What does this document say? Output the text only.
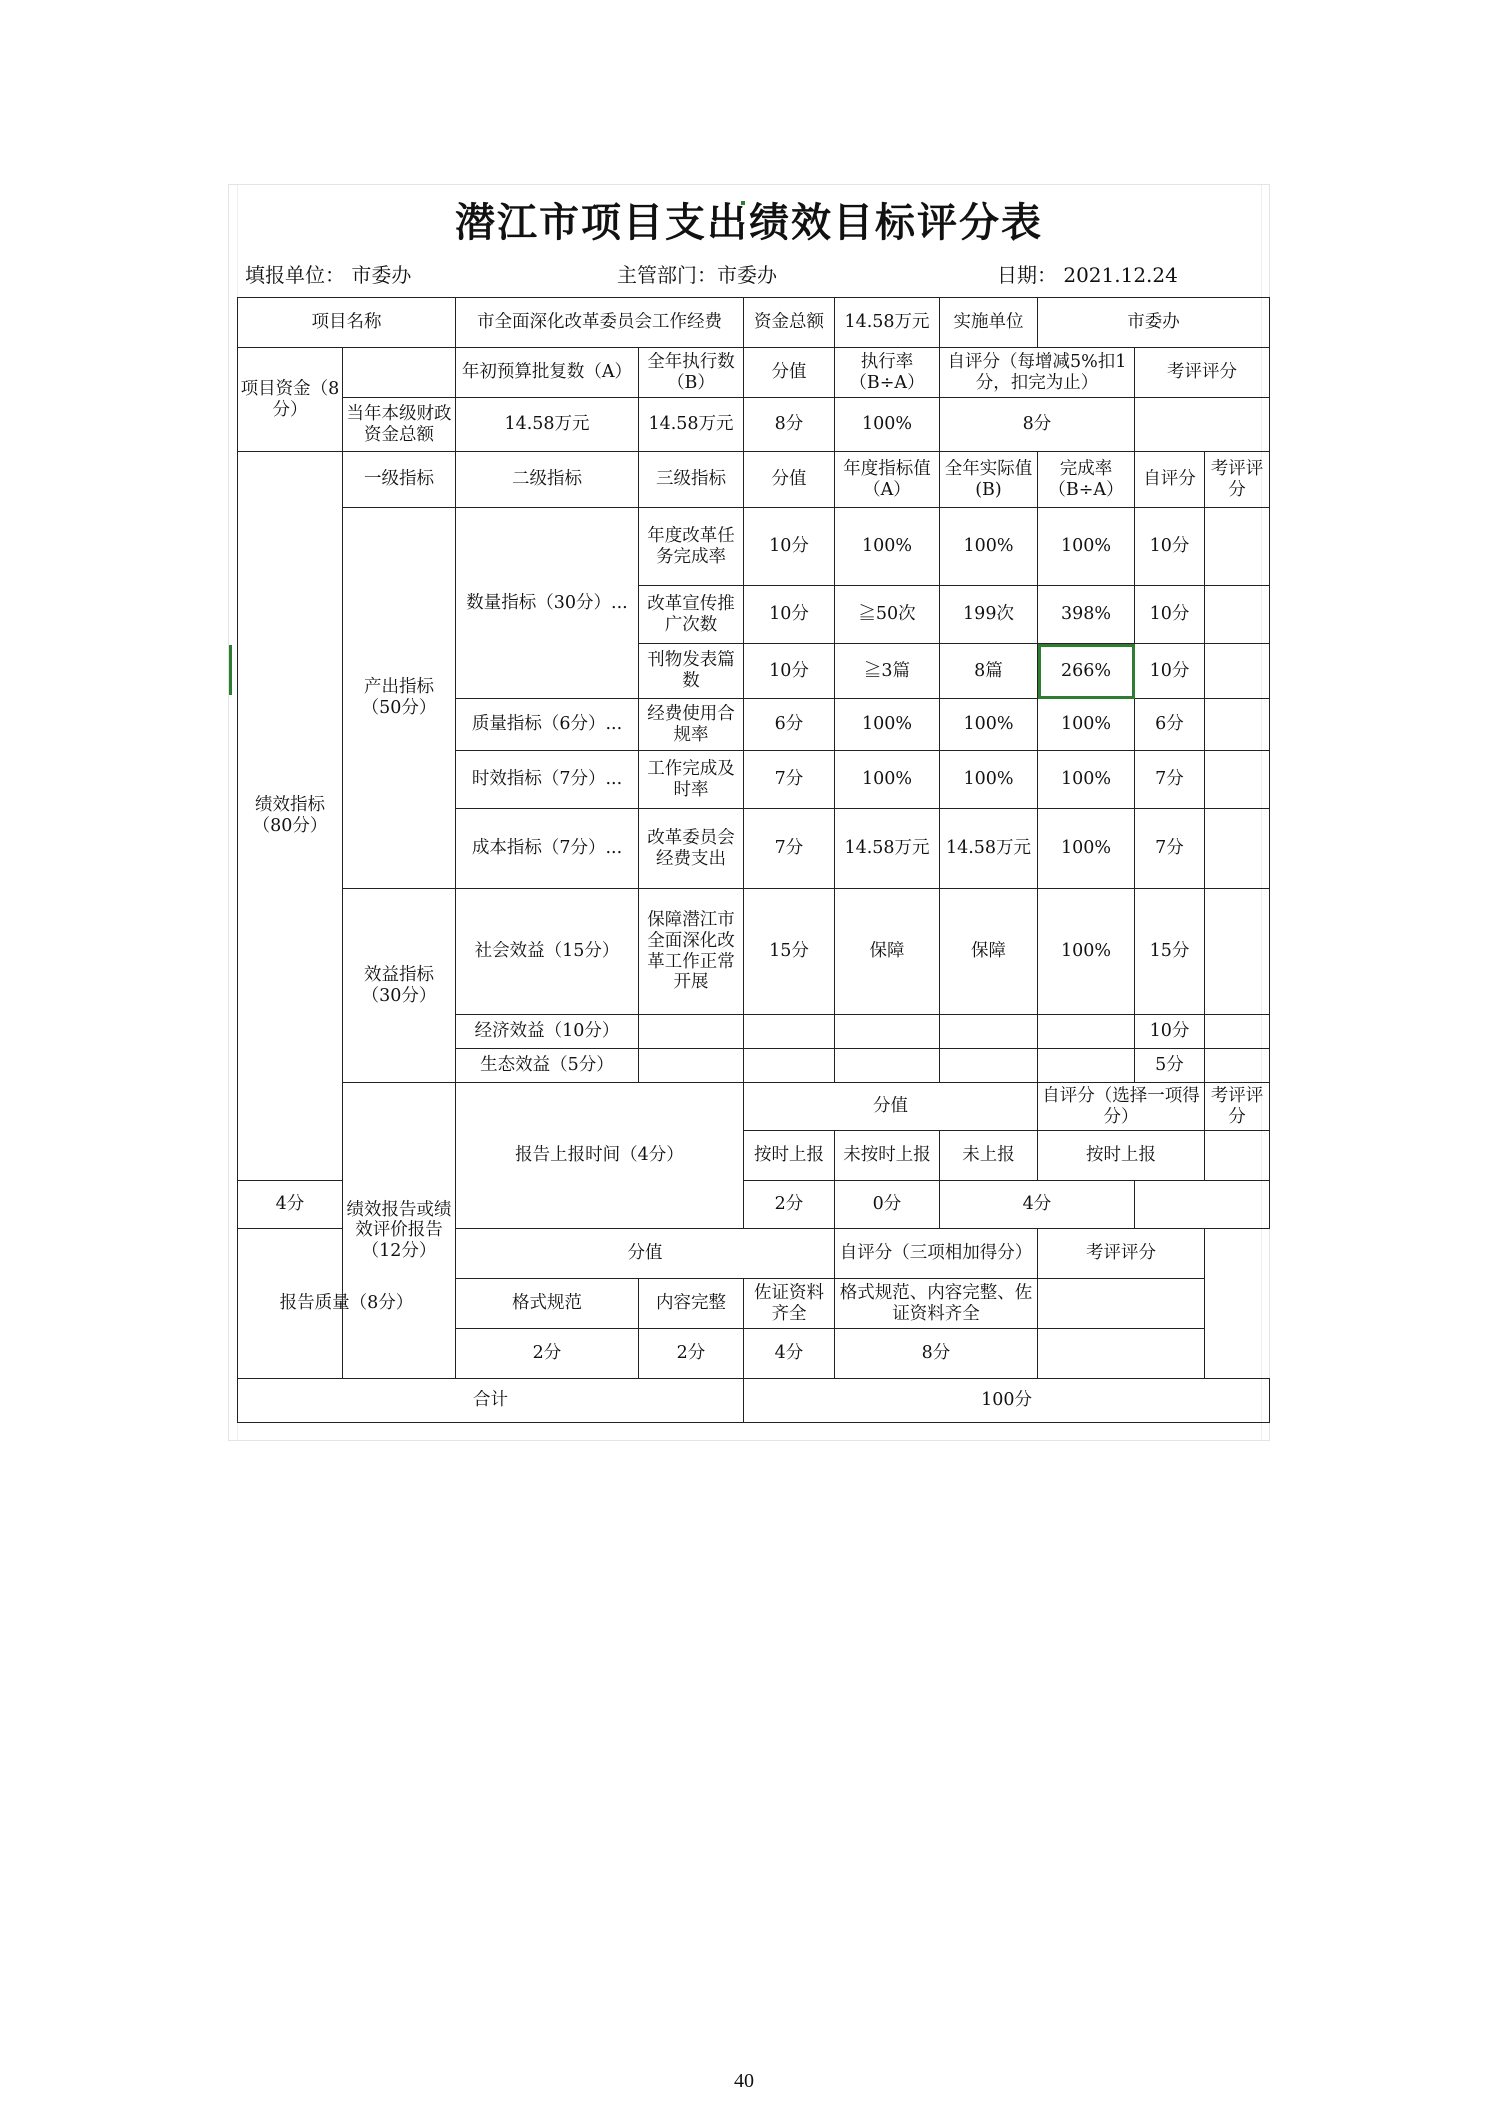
潜江市项目支出绩效目标评分表
填报单位： 市委办	主管部门：市委办	日期： 2021.12.24
项目名称		市全面深化改革委员会工作经费		资金总额	14.58万元	实施单位	市委办			
项目资金（8分）		年初预算批复数（A）	全年执行数（B）	分值	执行率（B÷A）	自评分（每增减5%扣1分，扣完为止）		考评评分		
	当年本级财政资金总额	14.58万元	14.58万元	8分	100%	8分				
绩效指标（80分）	一级指标	二级指标	三级指标	分值	年度指标值（A）	全年实际值(B)	完成率（B÷A）	自评分	考评评分	
	产出指标（50分）	数量指标（30分）...	年度改革任务完成率	10分	100%	100%	100%	10分		
			改革宣传推广次数	10分	≧50次	199次	398%	10分		
			刊物发表篇数	10分	≧3篇	8篇	266%	10分		
		质量指标（6分）...	经费使用合规率	6分	100%	100%	100%	6分		
		时效指标（7分）...	工作完成及时率	7分	100%	100%	100%	7分		
		成本指标（7分）...	改革委员会经费支出	7分	14.58万元	14.58万元	100%	7分		
	效益指标（30分）	社会效益（15分）	保障潜江市全面深化改革工作正常开展	15分	保障	保障	100%	15分		
		经济效益（10分）						10分		
		生态效益（5分）						5分		
	绩效报告或绩效评价报告（12分）	报告上报时间（4分）		分值			自评分（选择一项得分）		考评评分	
				按时上报	未按时上报	未上报	按时上报			
4分				2分	0分	4分				
报告质量（8分）		分值			自评分（三项相加得分）		考评评分			
		格式规范	内容完整	佐证资料齐全	格式规范、内容完整、佐证资料齐全					
		2分	2分	4分	8分					
合计				100分						
40
